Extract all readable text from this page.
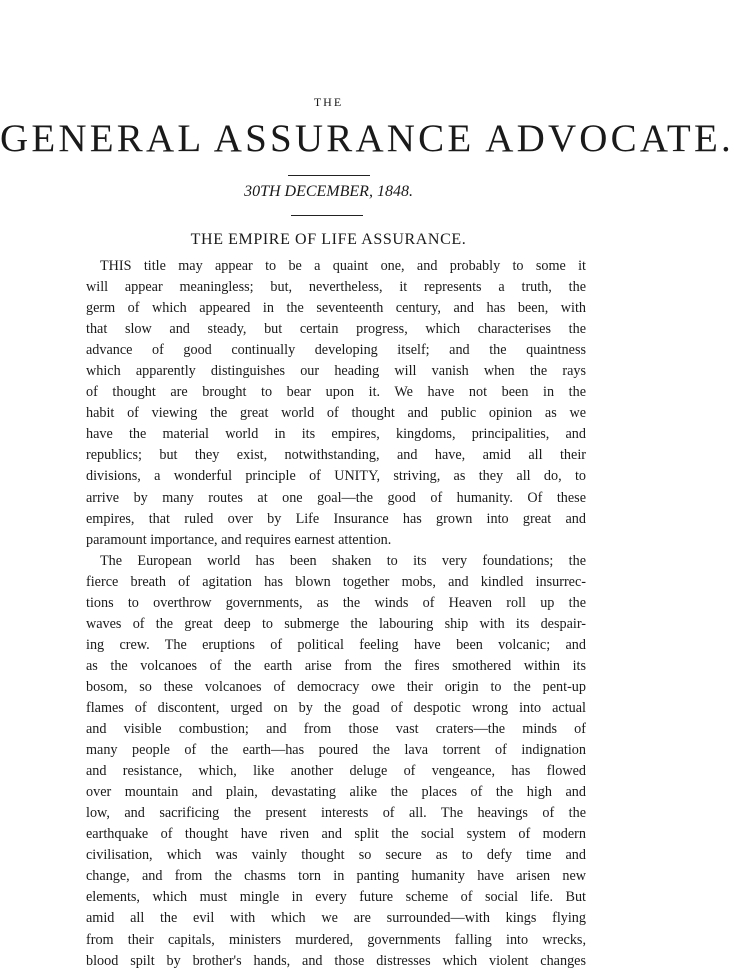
THE
GENERAL ASSURANCE ADVOCATE.
30TH DECEMBER, 1848.
THE EMPIRE OF LIFE ASSURANCE.
THIS title may appear to be a quaint one, and probably to some it
will appear meaningless; but, nevertheless, it represents a truth, the
germ of which appeared in the seventeenth century, and has been, with
that slow and steady, but certain progress, which characterises the
advance of good continually developing itself; and the quaintness
which apparently distinguishes our heading will vanish when the rays
of thought are brought to bear upon it. We have not been in the
habit of viewing the great world of thought and public opinion as we
have the material world in its empires, kingdoms, principalities, and
republics; but they exist, notwithstanding, and have, amid all their
divisions, a wonderful principle of UNITY, striving, as they all do, to
arrive by many routes at one goal—the good of humanity. Of these
empires, that ruled over by Life Insurance has grown into great and
paramount importance, and requires earnest attention.
The European world has been shaken to its very foundations; the
fierce breath of agitation has blown together mobs, and kindled insurrec-
tions to overthrow governments, as the winds of Heaven roll up the
waves of the great deep to submerge the labouring ship with its despair-
ing crew. The eruptions of political feeling have been volcanic; and
as the volcanoes of the earth arise from the fires smothered within its
bosom, so these volcanoes of democracy owe their origin to the pent-up
flames of discontent, urged on by the goad of despotic wrong into actual
and visible combustion; and from those vast craters—the minds of
many people of the earth—has poured the lava torrent of indignation
and resistance, which, like another deluge of vengeance, has flowed
over mountain and plain, devastating alike the places of the high and
low, and sacrificing the present interests of all. The heavings of the
earthquake of thought have riven and split the social system of modern
civilisation, which was vainly thought so secure as to defy time and
change, and from the chasms torn in panting humanity have arisen new
elements, which must mingle in every future scheme of social life. But
amid all the evil with which we are surrounded—with kings flying
from their capitals, ministers murdered, governments falling into wrecks,
blood spilt by brother's hands, and those distresses which violent changes
